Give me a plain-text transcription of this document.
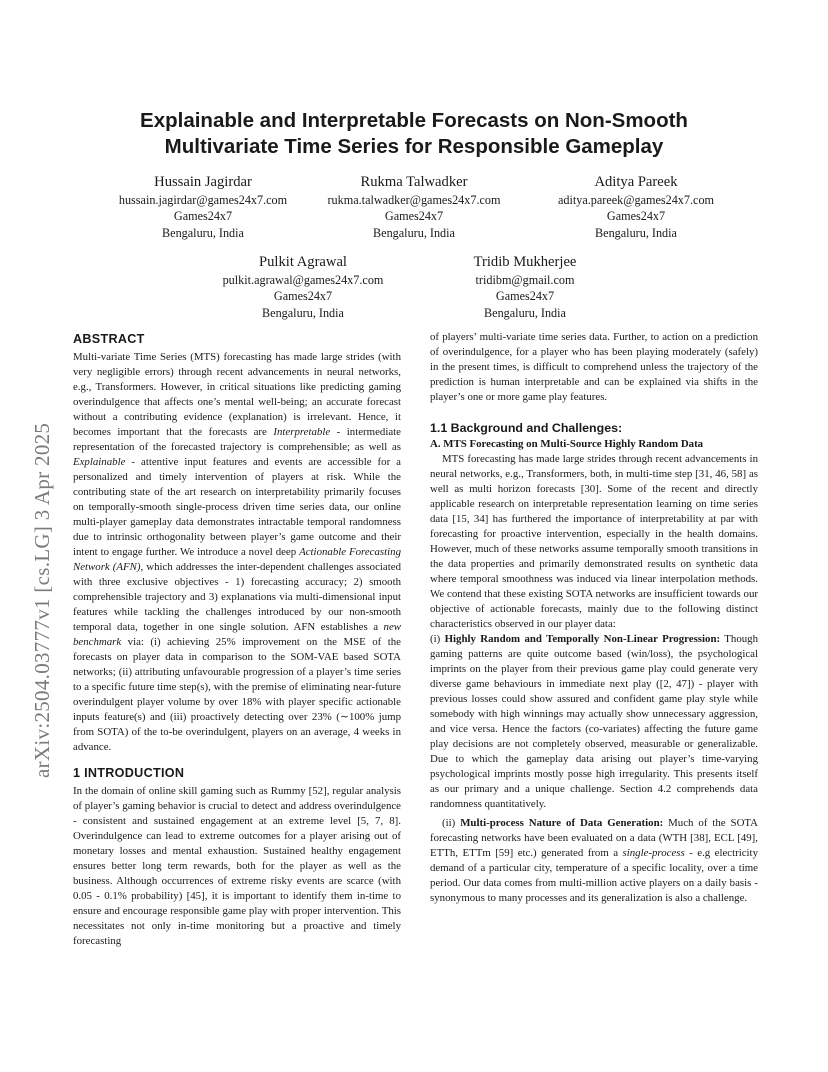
arXiv:2504.03777v1 [cs.LG] 3 Apr 2025
Explainable and Interpretable Forecasts on Non-Smooth
Multivariate Time Series for Responsible Gameplay
Hussain Jagirdar
hussain.jagirdar@games24x7.com
Games24x7
Bengaluru, India
Rukma Talwadker
rukma.talwadker@games24x7.com
Games24x7
Bengaluru, India
Aditya Pareek
aditya.pareek@games24x7.com
Games24x7
Bengaluru, India
Pulkit Agrawal
pulkit.agrawal@games24x7.com
Games24x7
Bengaluru, India
Tridib Mukherjee
tridibm@gmail.com
Games24x7
Bengaluru, India
ABSTRACT

Multi-variate Time Series (MTS) forecasting has made large strides (with very negligible errors) through recent advancements in neural networks, e.g., Transformers. However, in critical situations like predicting gaming overindulgence that affects one’s mental well-being; an accurate forecast without a contributing evidence (explanation) is irrelevant. Hence, it becomes important that the forecasts are Interpretable - intermediate representation of the forecasted trajectory is comprehensible; as well as Explainable - attentive input features and events are accessible for a personalized and timely intervention of players at risk. While the contributing state of the art research on interpretability primarily focuses on temporally-smooth single-process driven time series data, our online multi-player gameplay data demonstrates intractable temporal randomness due to intrinsic orthogonality between player’s game outcome and their intent to engage further. We introduce a novel deep Actionable Forecasting Network (AFN), which addresses the inter-dependent challenges associated with three exclusive objectives - 1) forecasting accuracy; 2) smooth comprehensible trajectory and 3) explanations via multi-dimensional input features while tackling the challenges introduced by our non-smooth temporal data, together in one single solution. AFN establishes a new benchmark via: (i) achieving 25% improvement on the MSE of the forecasts on player data in comparison to the SOM-VAE based SOTA networks; (ii) attributing unfavourable progression of a player’s time series to a specific future time step(s), with the premise of eliminating near-future overindulgent player volume by over 18% with player specific actionable inputs feature(s) and (iii) proactively detecting over 23% (∼100% jump from SOTA) of the to-be overindulgent, players on an average, 4 weeks in advance.

1 INTRODUCTION

In the domain of online skill gaming such as Rummy [52], regular analysis of player’s gaming behavior is crucial to detect and address overindulgence - consistent and sustained engagement at an extreme level [5, 7, 8]. Overindulgence can lead to extreme outcomes for a player arising out of monetary losses and mental exhaustion. Sustained healthy engagement ensures better long term rewards, both for the player as well as the business. Although occurrences of extreme risky events are scarce (with 0.05 - 0.1% probability) [45], it is important to identify them in-time to ensure and encourage responsible game play with proper intervention. This necessitates not only in-time monitoring but a proactive and timely forecasting

of players’ multi-variate time series data. Further, to action on a prediction of overindulgence, for a player who has been playing moderately (safely) in the present times, is difficult to comprehend unless the trajectory of the prediction is human interpretable and can be explained via shifts in the player’s one or more game play features.

1.1 Background and Challenges:
A. MTS Forecasting on Multi-Source Highly Random Data

MTS forecasting has made large strides through recent advancements in neural networks, e.g., Transformers, both, in multi-time step [31, 46, 58] as well as multi horizon forecasts [30]. Some of the recent and directly applicable research on interpretable representation learning on time series data [15, 34] has furthered the importance of interpretability at par with forecasting for proactive intervention, especially in the health domains. However, much of these networks assume temporally smooth transitions in the data properties and primarily demonstrated results on synthetic data where temporal smoothness was induced via linear interpolation methods. We contend that these existing SOTA networks are insufficient towards our objective of actionable forecasts, mainly due to the following distinct characteristics observed in our player data:

(i) Highly Random and Temporally Non-Linear Progression: Though gaming patterns are quite outcome based (win/loss), the psychological imprints on the player from their previous game play could generate very diverse game behaviours in immediate next play ([2, 47]) - player with previous losses could show assured and confident game play style while somebody with high winnings may actually show unnecessary aggression, and vice versa. Hence the factors (co-variates) affecting the future game play decisions are not completely observed, measurable or generalizable. Due to which the gameplay data arising out player’s time-varying psychological imprints mostly posse high irregularity. This presents itself as our primary and a unique challenge. Section 4.2 comprehends data randomness quantitatively.

(ii) Multi-process Nature of Data Generation: Much of the SOTA forecasting networks have been evaluated on a data (WTH [38], ECL [49], ETTh, ETTm [59] etc.) generated from a single-process - e.g electricity demand of a particular city, temperature of a specific locality, over a time period. Our data comes from multi-million active players on a daily basis - synonymous to many processes and its generalization is also a challenge.
